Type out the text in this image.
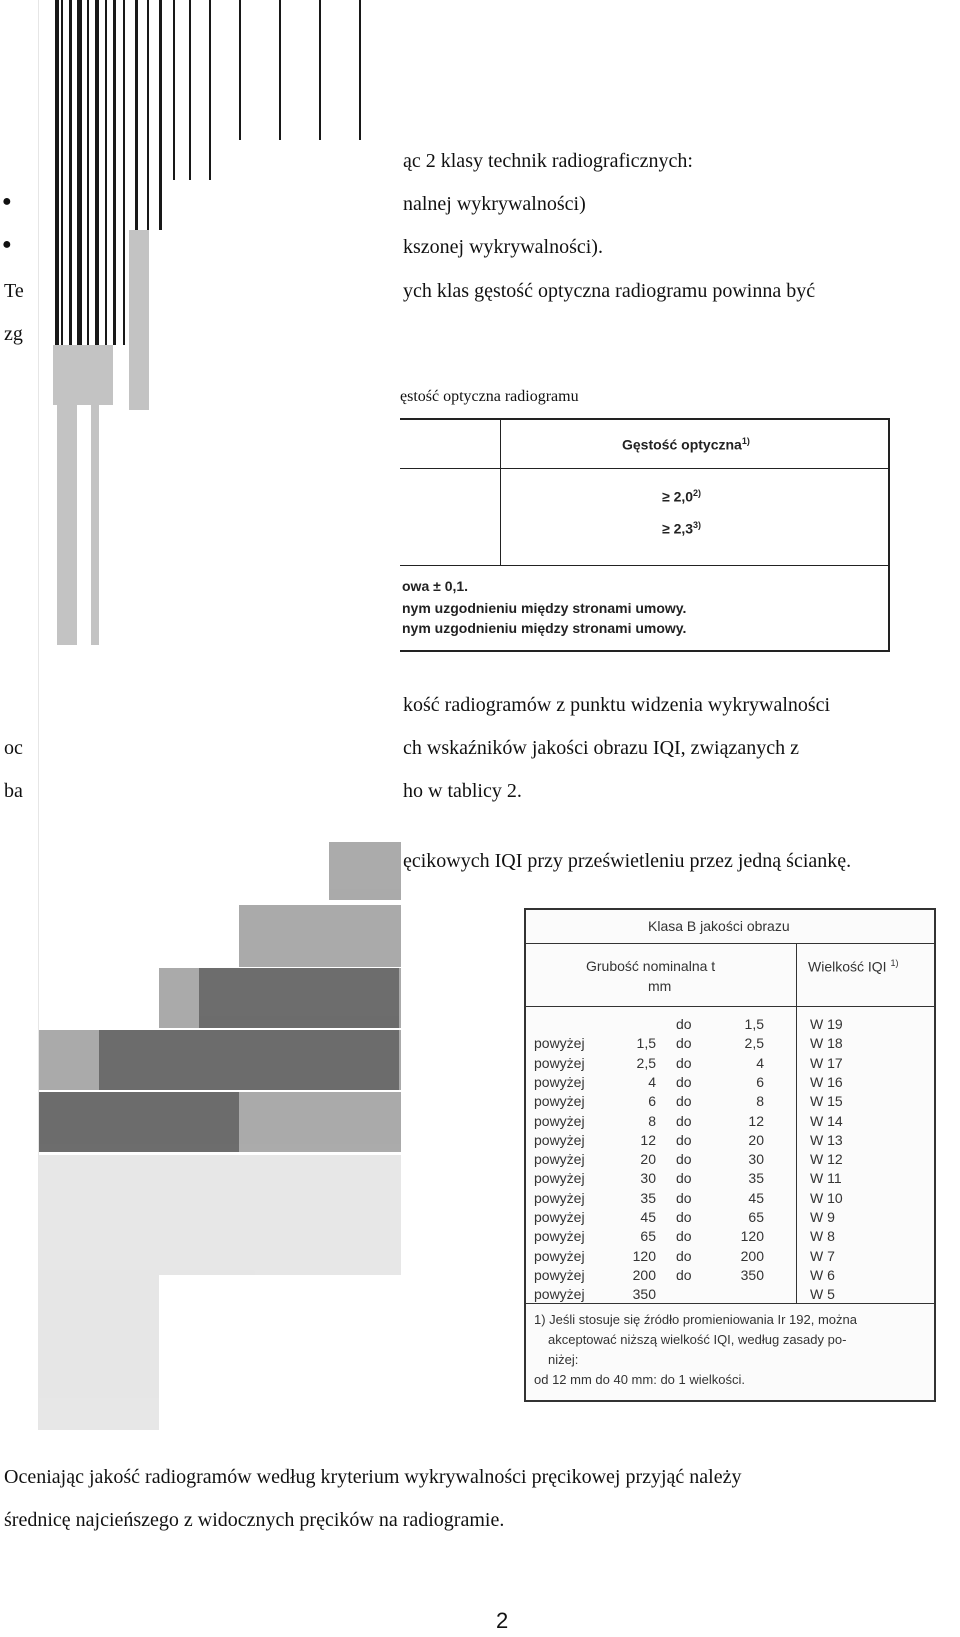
●
●
Te
zg
oc
ba
ąc 2 klasy technik radiograficznych:
nalnej wykrywalności)
kszonej wykrywalności).
ych klas gęstość optyczna radiogramu powinna być
ęstość optyczna radiogramu
Gęstość optyczna$^{1)}$
≥ $2,0^{2)}$
≥ $2,3^{3)}$
owa ± 0,1.
nym uzgodnieniu między stronami umowy.
nym uzgodnieniu między stronami umowy.
kość radiogramów z punktu widzenia wykrywalności
ch wskaźników jakości obrazu IQI, związanych z
ho w tablicy 2.
ęcikowych IQI przy prześwietleniu przez jedną ściankę.
Klasa B jakości obrazu
Grubość nominalna t
mm
Wielkość IQI $^{1)}$
do	1,5	W 19
powyżej	1,5 do	2,5	W 18
powyżej	2,5 do	4	W 17
powyżej	4 do	6	W 16
powyżej	6 do	8	W 15
powyżej	8 do	12	W 14
powyżej	12 do	20	W 13
powyżej	20 do	30	W 12
powyżej	30 do	35	W 11
powyżej	35 do	45	W 10
powyżej	45 do	65	W 9
powyżej	65 do	120	W 8
powyżej	120 do	200	W 7
powyżej	200 do	350	W 6
powyżej	350	W 5
1) Jeśli stosuje się źródło promieniowania Ir 192, można
akceptować niższą wielkość IQI, według zasady po-
niżej:
od 12 mm do 40 mm: do 1 wielkości.
Oceniając jakość radiogramów według kryterium wykrywalności pręcikowej przyjąć należy
średnicę najcieńszego z widocznych pręcików na radiogramie.
2
